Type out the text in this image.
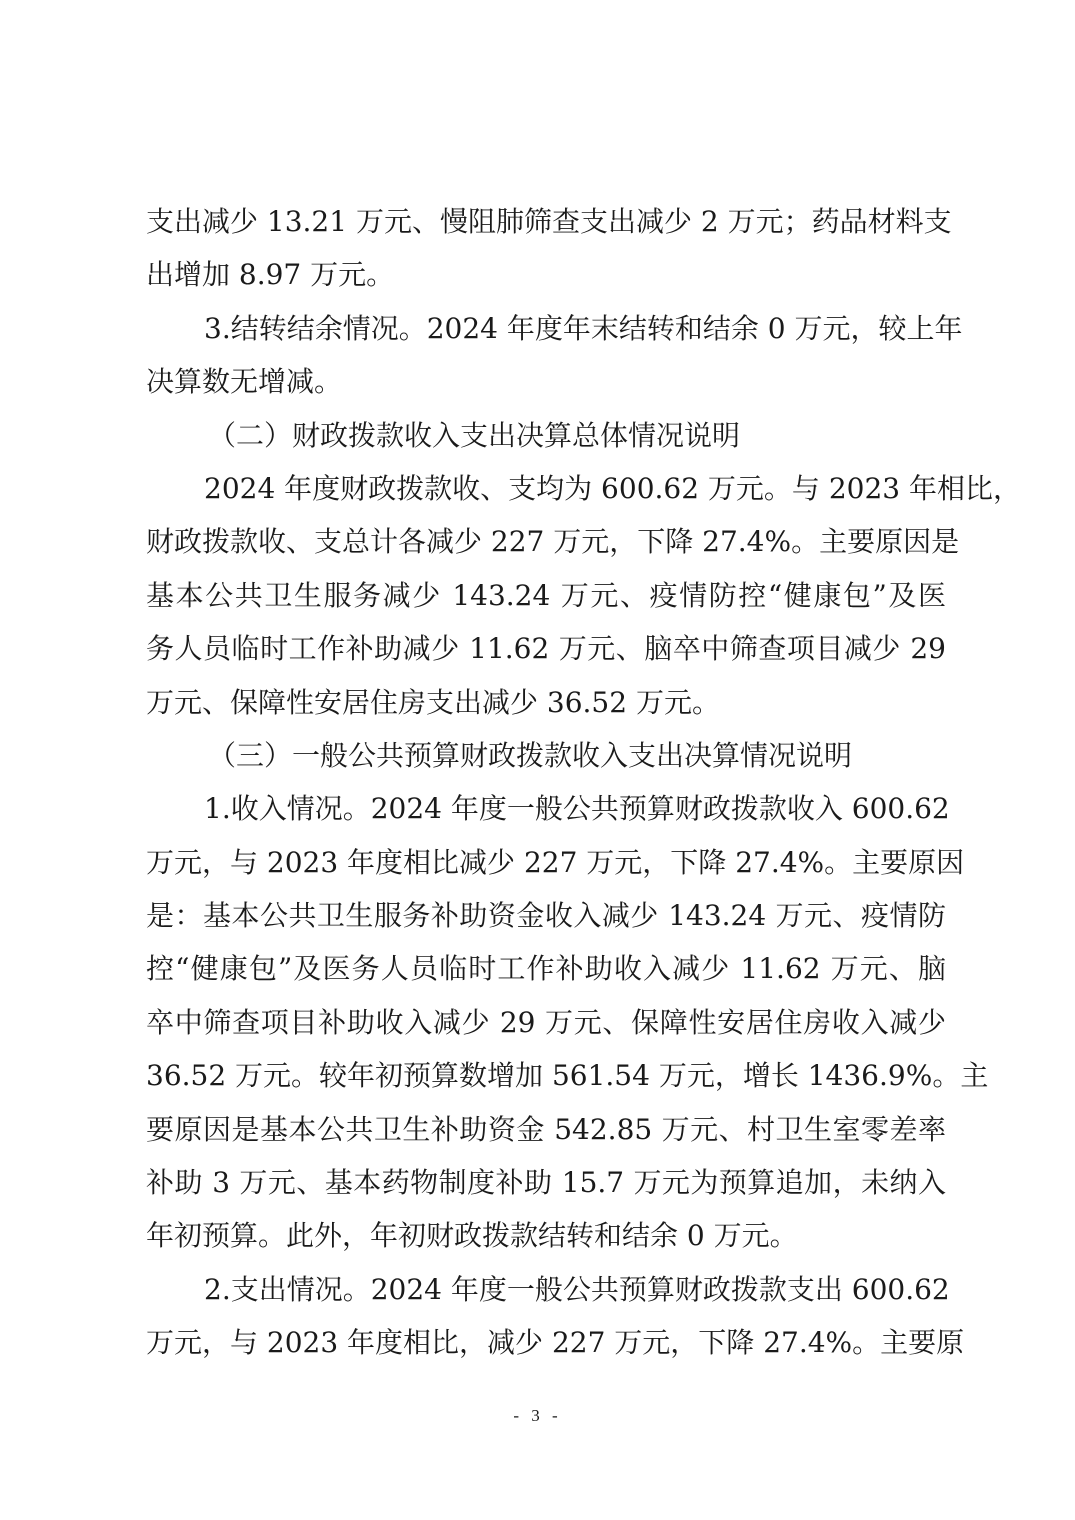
支出减少 13.21 万元、慢阻肺筛查支出减少 2 万元；药品材料支
出增加 8.97 万元。
3.结转结余情况。2024 年度年末结转和结余 0 万元，较上年
决算数无增减。
（二）财政拨款收入支出决算总体情况说明
2024 年度财政拨款收、支均为 600.62 万元。与 2023 年相比，
财政拨款收、支总计各减少 227 万元，下降 27.4%。主要原因是
基本公共卫生服务减少 143.24 万元、疫情防控“健康包”及医
务人员临时工作补助减少 11.62 万元、脑卒中筛查项目减少 29
万元、保障性安居住房支出减少 36.52 万元。
（三）一般公共预算财政拨款收入支出决算情况说明
1.收入情况。2024 年度一般公共预算财政拨款收入 600.62
万元，与 2023 年度相比减少 227 万元，下降 27.4%。主要原因
是：基本公共卫生服务补助资金收入减少 143.24 万元、疫情防
控“健康包”及医务人员临时工作补助收入减少 11.62 万元、脑
卒中筛查项目补助收入减少 29 万元、保障性安居住房收入减少
36.52 万元。较年初预算数增加 561.54 万元，增长 1436.9%。主
要原因是基本公共卫生补助资金 542.85 万元、村卫生室零差率
补助 3 万元、基本药物制度补助 15.7 万元为预算追加，未纳入
年初预算。此外，年初财政拨款结转和结余 0 万元。
2.支出情况。2024 年度一般公共预算财政拨款支出 600.62
万元，与 2023 年度相比，减少 227 万元，下降 27.4%。主要原
- 3 -
